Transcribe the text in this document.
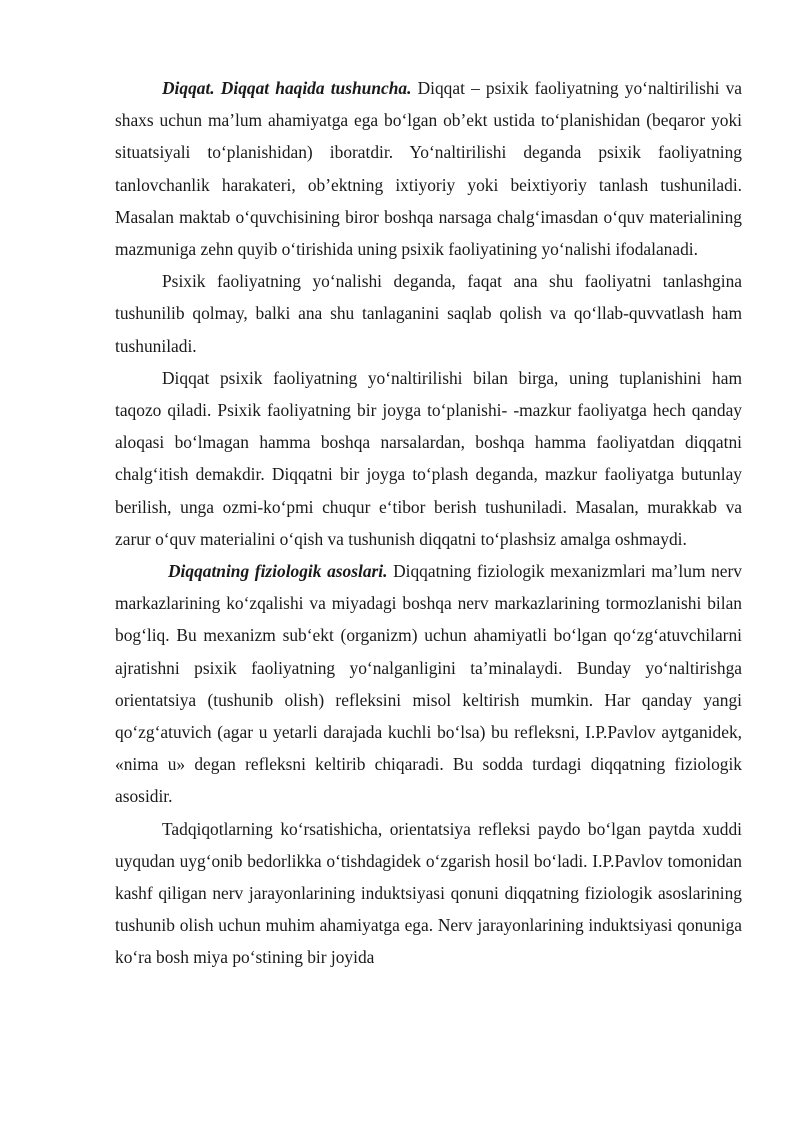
Diqqat. Diqqat haqida tushuncha. Diqqat – psixik faoliyatning yo‘naltirilishi va shaxs uchun ma’lum ahamiyatga ega bo‘lgan ob’ekt ustida to‘planishidan (beqaror yoki situatsiyali to‘planishidan) iboratdir. Yo‘naltirilishi deganda psixik faoliyatning tanlovchanlik harakateri, ob’ektning ixtiyoriy yoki beixtiyoriy tanlash tushuniladi. Masalan maktab o‘quvchisining biror boshqa narsaga chalg‘imasdan o‘quv materialining mazmuniga zehn quyib o‘tirishida uning psixik faoliyatining yo‘nalishi ifodalanadi.

Psixik faoliyatning yo‘nalishi deganda, faqat ana shu faoliyatni tanlashgina tushunilib qolmay, balki ana shu tanlaganini saqlab qolish va qo‘llab-quvvatlash ham tushuniladi.

Diqqat psixik faoliyatning yo‘naltirilishi bilan birga, uning tuplanishini ham taqozo qiladi. Psixik faoliyatning bir joyga to‘planishi- -mazkur faoliyatga hech qanday aloqasi bo‘lmagan hamma boshqa narsalardan, boshqa hamma faoliyatdan diqqatni chalg‘itish demakdir. Diqqatni bir joyga to‘plash deganda, mazkur faoliyatga butunlay berilish, unga ozmi-ko‘pmi chuqur e‘tibor berish tushuniladi. Masalan, murakkab va zarur o‘quv materialini o‘qish va tushunish diqqatni to‘plashsiz amalga oshmaydi.

Diqqatning fiziologik asoslari. Diqqatning fiziologik mexanizmlari ma’lum nerv markazlarining ko‘zqalishi va miyadagi boshqa nerv markazlarining tormozlanishi bilan bog‘liq. Bu mexanizm sub‘ekt (organizm) uchun ahamiyatli bo‘lgan qo‘zg‘atuvchilarni ajratishni psixik faoliyatning yo‘nalganligini ta’minalaydi. Bunday yo‘naltirishga orientatsiya (tushunib olish) refleksini misol keltirish mumkin. Har qanday yangi qo‘zg‘atuvich (agar u yetarli darajada kuchli bo‘lsa) bu refleksni, I.P.Pavlov aytganidek, «nima u» degan refleksni keltirib chiqaradi. Bu sodda turdagi diqqatning fiziologik asosidir.

Tadqiqotlarning ko‘rsatishicha, orientatsiya refleksi paydo bo‘lgan paytda xuddi uyqudan uyg‘onib bedorlikka o‘tishdagidek o‘zgarish hosil bo‘ladi. I.P.Pavlov tomonidan kashf qiligan nerv jarayonlarining induktsiyasi qonuni diqqatning fiziologik asoslarining tushunib olish uchun muhim ahamiyatga ega. Nerv jarayonlarining induktsiyasi qonuniga ko‘ra bosh miya po‘stining bir joyida
